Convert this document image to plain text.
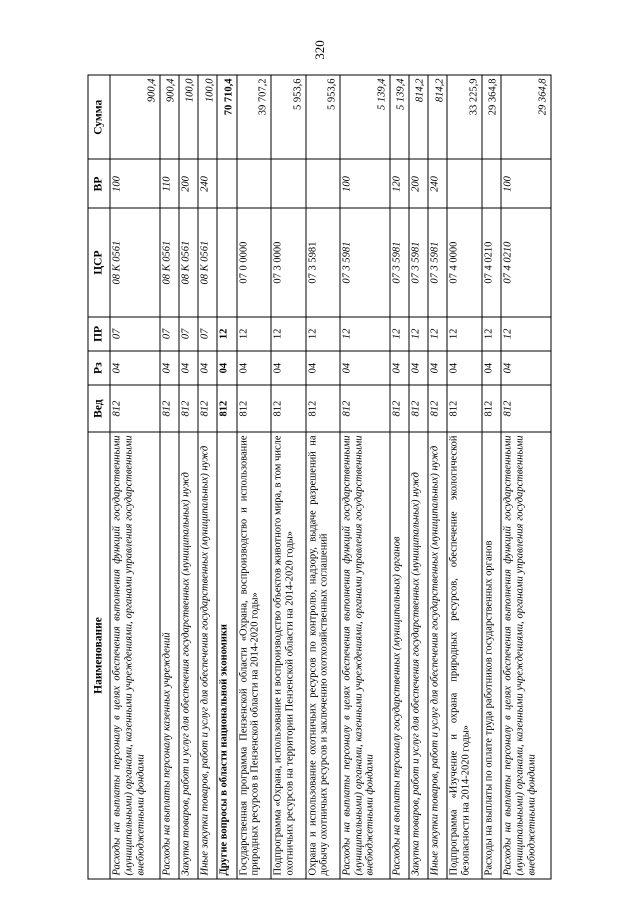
320
Наименование	Вед	Рз	ПР	ЦСР	ВР	Сумма
Расходы на выплаты персоналу в целях обеспечения выполнения функций государственными (муниципальными) органами, казенными учреждениями, органами управления государственными внебюджетными фондами	812	04	07	08 К 0561	100	900,4
Расходы на выплаты персоналу казенных учреждений	812	04	07	08 К 0561	110	900,4
Закупка товаров, работ и услуг для обеспечения государственных (муниципальных) нужд	812	04	07	08 К 0561	200	100,0
Иные закупки товаров, работ и услуг для обеспечения государственных (муниципальных) нужд	812	04	07	08 К 0561	240	100,0
Другие вопросы в области национальной экономики	812	04	12			70 710,4
Государственная программа Пензенской области «Охрана, воспроизводство и использование природных ресурсов в Пензенской области на 2014-2020 годы»	812	04	12	07 0 0000		39 707,2
Подпрограмма «Охрана, использование и воспроизводство объектов животного мира, в том числе охотничьих ресурсов на территории Пензенской области на 2014-2020 годы»	812	04	12	07 3 0000		5 953,6
Охрана и использование охотничьих ресурсов по контролю, надзору, выдаче разрешений на добычу охотничьих ресурсов и заключению охотхозяйственных соглашений	812	04	12	07 3 5981		5 953,6
Расходы на выплаты персоналу в целях обеспечения выполнения функций государственными (муниципальными) органами, казенными учреждениями, органами управления государственными внебюджетными фондами	812	04	12	07 3 5981	100	5 139,4
Расходы на выплаты персоналу государственных (муниципальных) органов	812	04	12	07 3 5981	120	5 139,4
Закупка товаров, работ и услуг для обеспечения государственных (муниципальных) нужд	812	04	12	07 3 5981	200	814,2
Иные закупки товаров, работ и услуг для обеспечения государственных (муниципальных) нужд	812	04	12	07 3 5981	240	814,2
Подпрограмма «Изучение и охрана природных ресурсов, обеспечение экологической безопасности на 2014-2020 годы»	812	04	12	07 4 0000		33 225,9
Расходы на выплаты по оплате труда работников государственных органов	812	04	12	07 4 0210		29 364,8
Расходы на выплаты персоналу в целях обеспечения выполнения функций государственными (муниципальными) органами, казенными учреждениями, органами управления государственными внебюджетными фондами	812	04	12	07 4 0210	100	29 364,8
